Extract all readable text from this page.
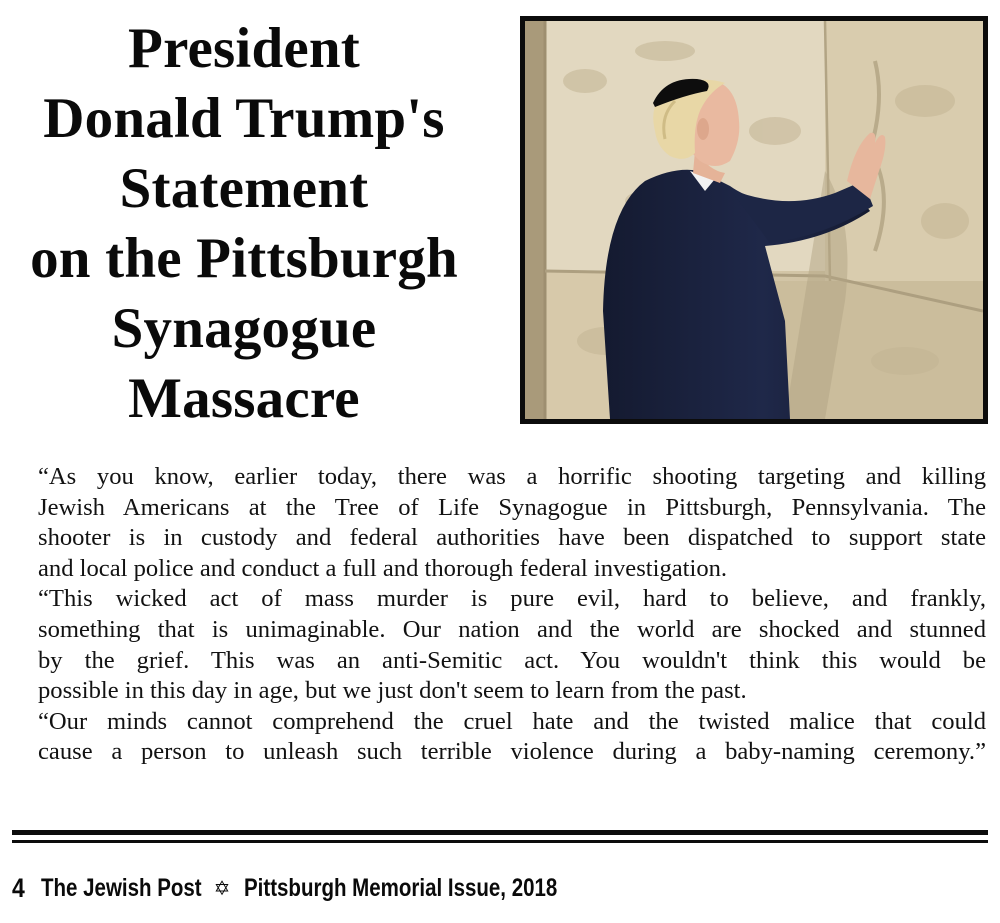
President
Donald Trump's
Statement
on the Pittsburgh
Synagogue
Massacre

“As you know, earlier today, there was a horrific shooting targeting and killing
Jewish Americans at the Tree of Life Synagogue in Pittsburgh, Pennsylvania. The
shooter is in custody and federal authorities have been dispatched to support state
and local police and conduct a full and thorough federal investigation.

“This wicked act of mass murder is pure evil, hard to believe, and frankly,
something that is unimaginable. Our nation and the world are shocked and stunned
by the grief. This was an anti-Semitic act. You wouldn't think this would be
possible in this day in age, but we just don't seem to learn from the past.

“Our minds cannot comprehend the cruel hate and the twisted malice that could
cause a person to unleash such terrible violence during a baby-naming ceremony.”

4 The Jewish Post ✡ Pittsburgh Memorial Issue, 2018
